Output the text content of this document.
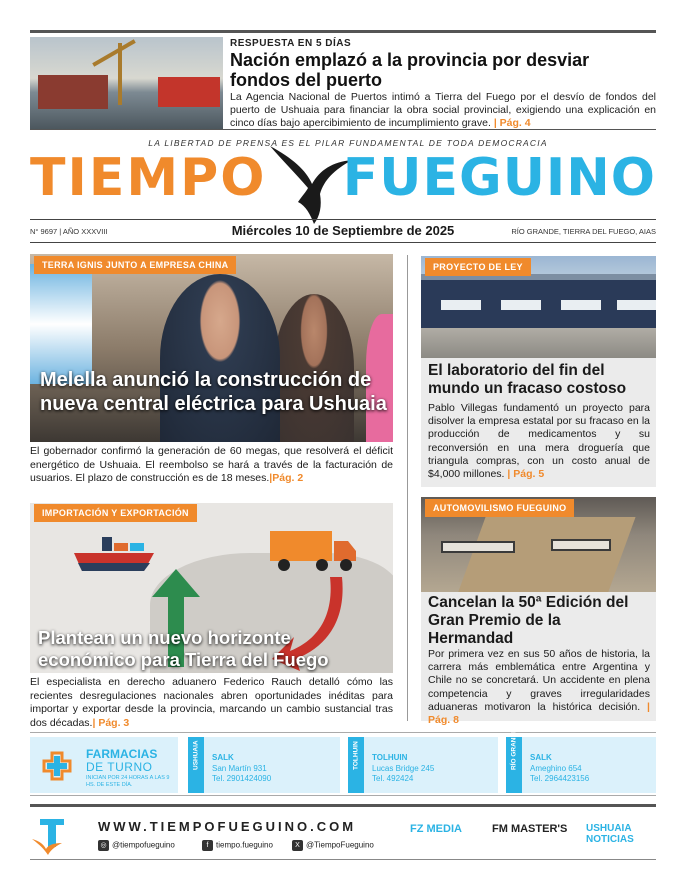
RESPUESTA EN 5 DÍAS
Nación emplazó a la provincia por desviar fondos del puerto
La Agencia Nacional de Puertos intimó a Tierra del Fuego por el desvío de fondos del puerto de Ushuaia para financiar la obra social provincial, exigiendo una explicación en cinco días bajo apercibimiento de incumplimiento grave. | Pág. 4
LA LIBERTAD DE PRENSA ES EL PILAR FUNDAMENTAL DE TODA DEMOCRACIA
TIEMPO FUEGUINO
N° 9697 | AÑO XXXVIII	Miércoles 10 de Septiembre de 2025	RÍO GRANDE, TIERRA DEL FUEGO, AIAS
Melella anunció la construcción de nueva central eléctrica para Ushuaia
TERRA IGNIS JUNTO A EMPRESA CHINA
El gobernador confirmó la generación de 60 megas, que resolverá el déficit energético de Ushuaia. El reembolso se hará a través de la facturación de usuarios. El plazo de construcción es de 18 meses.|Pág. 2
Plantean un nuevo horizonte económico para Tierra del Fuego
IMPORTACIÓN Y EXPORTACIÓN
El especialista en derecho aduanero Federico Rauch detalló cómo las recientes desregulaciones nacionales abren oportunidades inéditas para importar y exportar desde la provincia, marcando un cambio sustancial tras dos décadas.| Pág. 3
PROYECTO DE LEY
El laboratorio del fin del mundo un fracaso costoso
Pablo Villegas fundamentó un proyecto para disolver la empresa estatal por su fracaso en la producción de medicamentos y su reconversión en una mera droguería que triangula compras, con un costo anual de $4,000 millones. | Pág. 5
AUTOMOVILISMO FUEGUINO
Cancelan la 50ª Edición del Gran Premio de la Hermandad
Por primera vez en sus 50 años de historia, la carrera más emblemática entre Argentina y Chile no se concretará. Un accidente en plena competencia y graves irregularidades aduaneras motivaron la histórica decisión. | Pág. 8
FARMACIAS
DE TURNO
INICIAN POR 24 HORAS A LAS 9 HS. DE ESTE DÍA.
USHUAIA SALK
San Martín 931
Tel. 2901424090
TOLHUIN TOLHUIN
Lucas Bridge 245
Tel. 492424
RÍO GRANDE SALK
Ameghino 654
Tel. 2964423156
WWW.TIEMPOFUEGUINO.COM
◎ @tiempofueguino	f tiempo.fueguino	X @TiempoFueguino
FZ MEDIA	FM MASTER'S USHUAIA NOTICIAS
